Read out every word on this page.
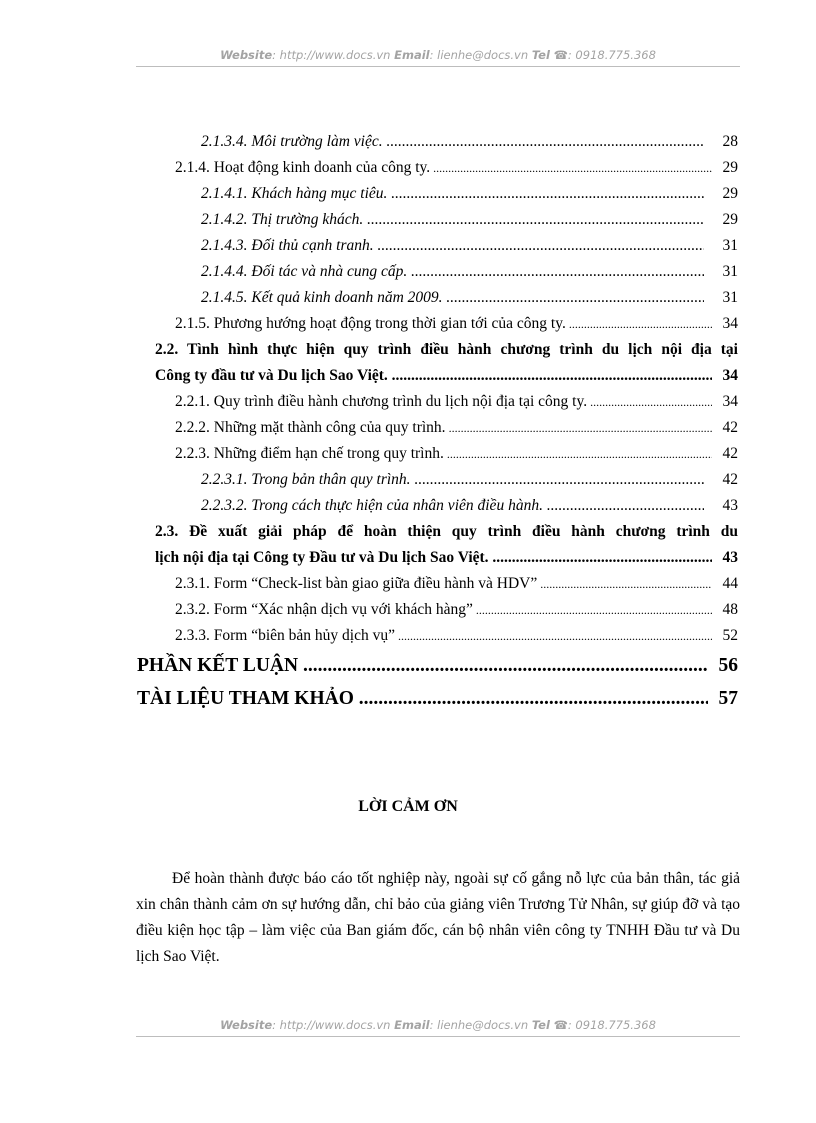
Website: http://www.docs.vn Email: lienhe@docs.vn Tel ☎: 0918.775.368
2.1.3.4. Môi trường làm việc. .....	28
2.1.4. Hoạt động kinh doanh của công ty. .....	29
2.1.4.1. Khách hàng mục tiêu. .....	29
2.1.4.2. Thị trường khách. .....	29
2.1.4.3. Đối thủ cạnh tranh. .....	31
2.1.4.4. Đối tác và nhà cung cấp. .....	31
2.1.4.5. Kết quả kinh doanh năm 2009. .....	31
2.1.5. Phương hướng hoạt động trong thời gian tới của công ty. .....	34
2.2. Tình hình thực hiện quy trình điều hành chương trình du lịch nội địa tại
Công ty đầu tư và Du lịch Sao Việt. .....	34
2.2.1. Quy trình điều hành chương trình du lịch nội địa tại công ty. .....	34
2.2.2. Những mặt thành công của quy trình. .....	42
2.2.3. Những điểm hạn chế trong quy trình. .....	42
2.2.3.1. Trong bản thân quy trình. .....	42
2.2.3.2. Trong cách thực hiện của nhân viên điều hành. .....	43
2.3. Đề xuất giải pháp để hoàn thiện quy trình điều hành chương trình du
lịch nội địa tại Công ty Đầu tư và Du lịch Sao Việt. .....	43
2.3.1. Form “Check-list bàn giao giữa điều hành và HDV” .....	44
2.3.2. Form “Xác nhận dịch vụ với khách hàng” .....	48
2.3.3. Form “biên bản hủy dịch vụ” .....	52
PHẦN KẾT LUẬN .....	56
TÀI LIỆU THAM KHẢO .....	57
LỜI CẢM ƠN
Để hoàn thành được báo cáo tốt nghiệp này, ngoài sự cố gắng nỗ lực của bản thân, tác giả xin chân thành cảm ơn sự hướng dẫn, chỉ bảo của giảng viên Trương Tử Nhân, sự giúp đỡ và tạo điều kiện học tập – làm việc của Ban giám đốc, cán bộ nhân viên công ty TNHH Đầu tư và Du lịch Sao Việt.
Website: http://www.docs.vn Email: lienhe@docs.vn Tel ☎: 0918.775.368
